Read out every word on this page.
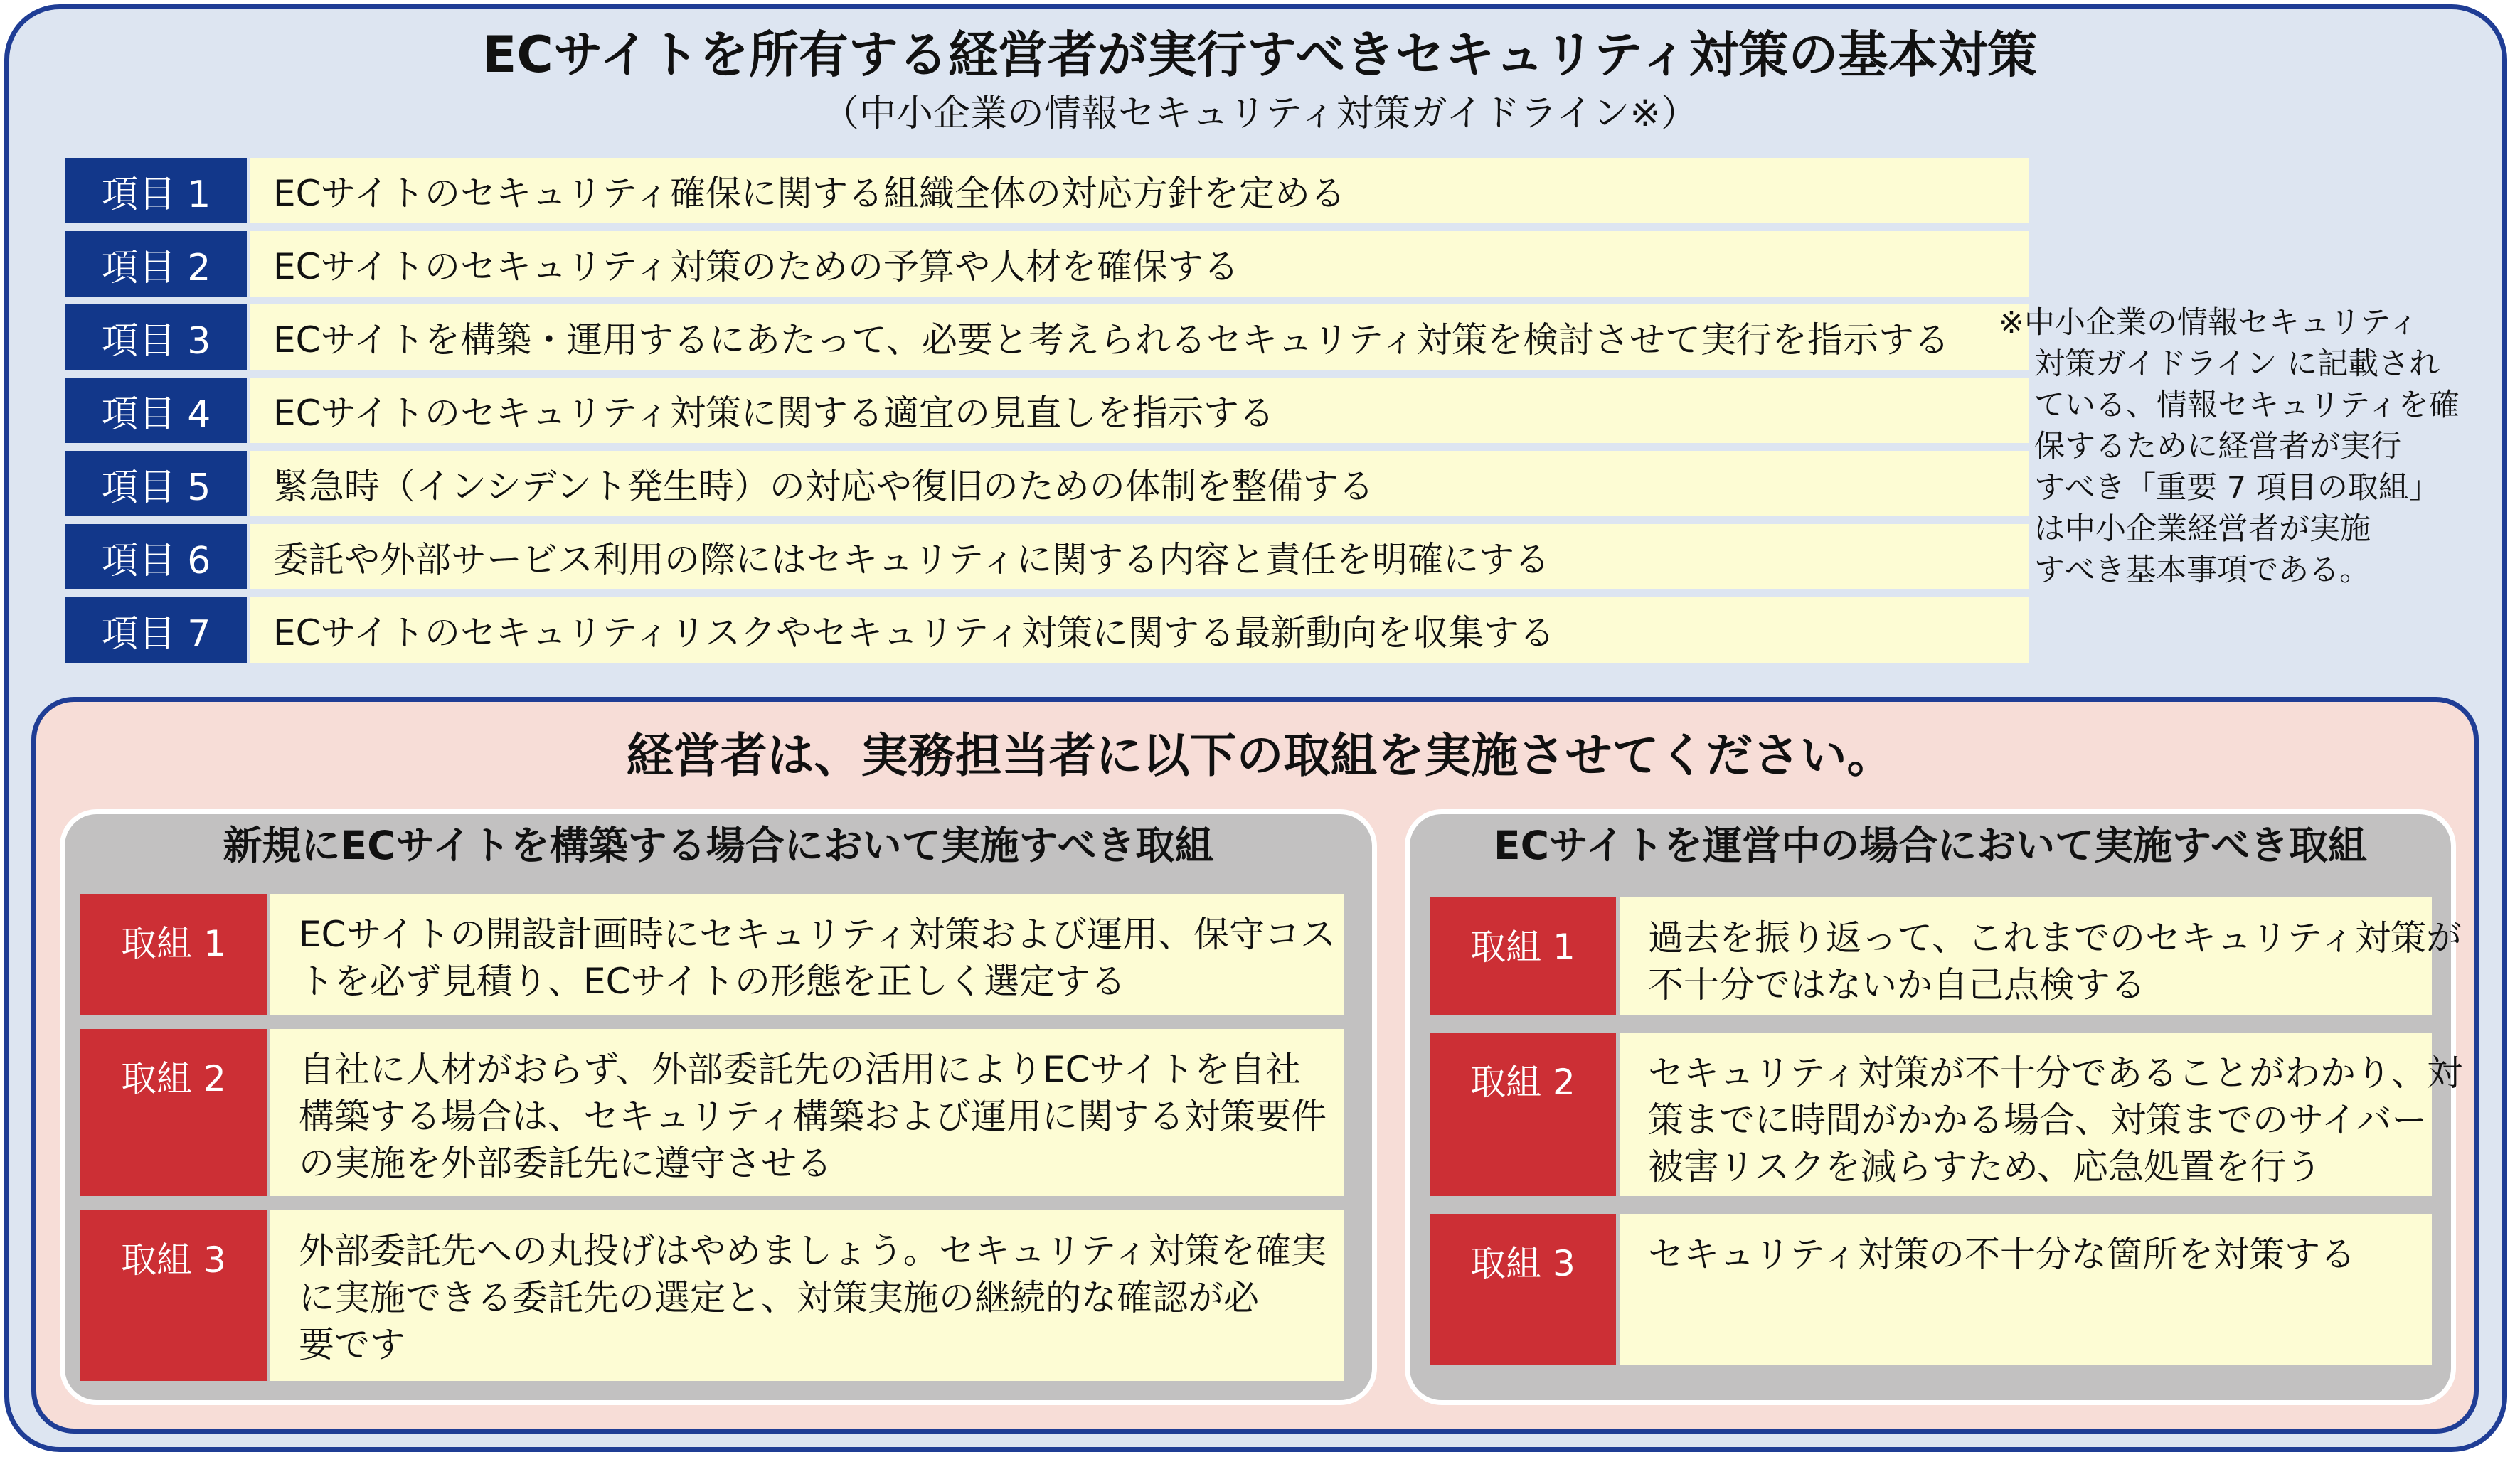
ECサイトを所有する経営者が実行すべきセキュリティ対策の基本対策
（中小企業の情報セキュリティ対策ガイドライン※）
項目 1	ECサイトのセキュリティ確保に関する組織全体の対応方針を定める
項目 2	ECサイトのセキュリティ対策のための予算や人材を確保する
項目 3	ECサイトを構築・運用するにあたって、必要と考えられるセキュリティ対策を検討させて実行を指示する
項目 4	ECサイトのセキュリティ対策に関する適宜の見直しを指示する
項目 5	緊急時（インシデント発生時）の対応や復旧のための体制を整備する
項目 6	委託や外部サービス利用の際にはセキュリティに関する内容と責任を明確にする
項目 7	ECサイトのセキュリティリスクやセキュリティ対策に関する最新動向を収集する
※中小企業の情報セキュリティ
対策ガイドライン に記載され
ている、情報セキュリティを確
保するために経営者が実行
すべき「重要 7 項目の取組」
は中小企業経営者が実施
すべき基本事項である。
経営者は、実務担当者に以下の取組を実施させてください。
新規にECサイトを構築する場合において実施すべき取組
取組 1	ECサイトの開設計画時にセキュリティ対策および運用、保守コス
トを必ず見積り、ECサイトの形態を正しく選定する
取組 2	自社に人材がおらず、外部委託先の活用によりECサイトを自社
構築する場合は、セキュリティ構築および運用に関する対策要件
の実施を外部委託先に遵守させる
取組 3	外部委託先への丸投げはやめましょう。セキュリティ対策を確実
に実施できる委託先の選定と、対策実施の継続的な確認が必
要です
ECサイトを運営中の場合において実施すべき取組
取組 1	過去を振り返って、これまでのセキュリティ対策が
不十分ではないか自己点検する
取組 2	セキュリティ対策が不十分であることがわかり、対
策までに時間がかかる場合、対策までのサイバー
被害リスクを減らすため、応急処置を行う
取組 3	セキュリティ対策の不十分な箇所を対策する
